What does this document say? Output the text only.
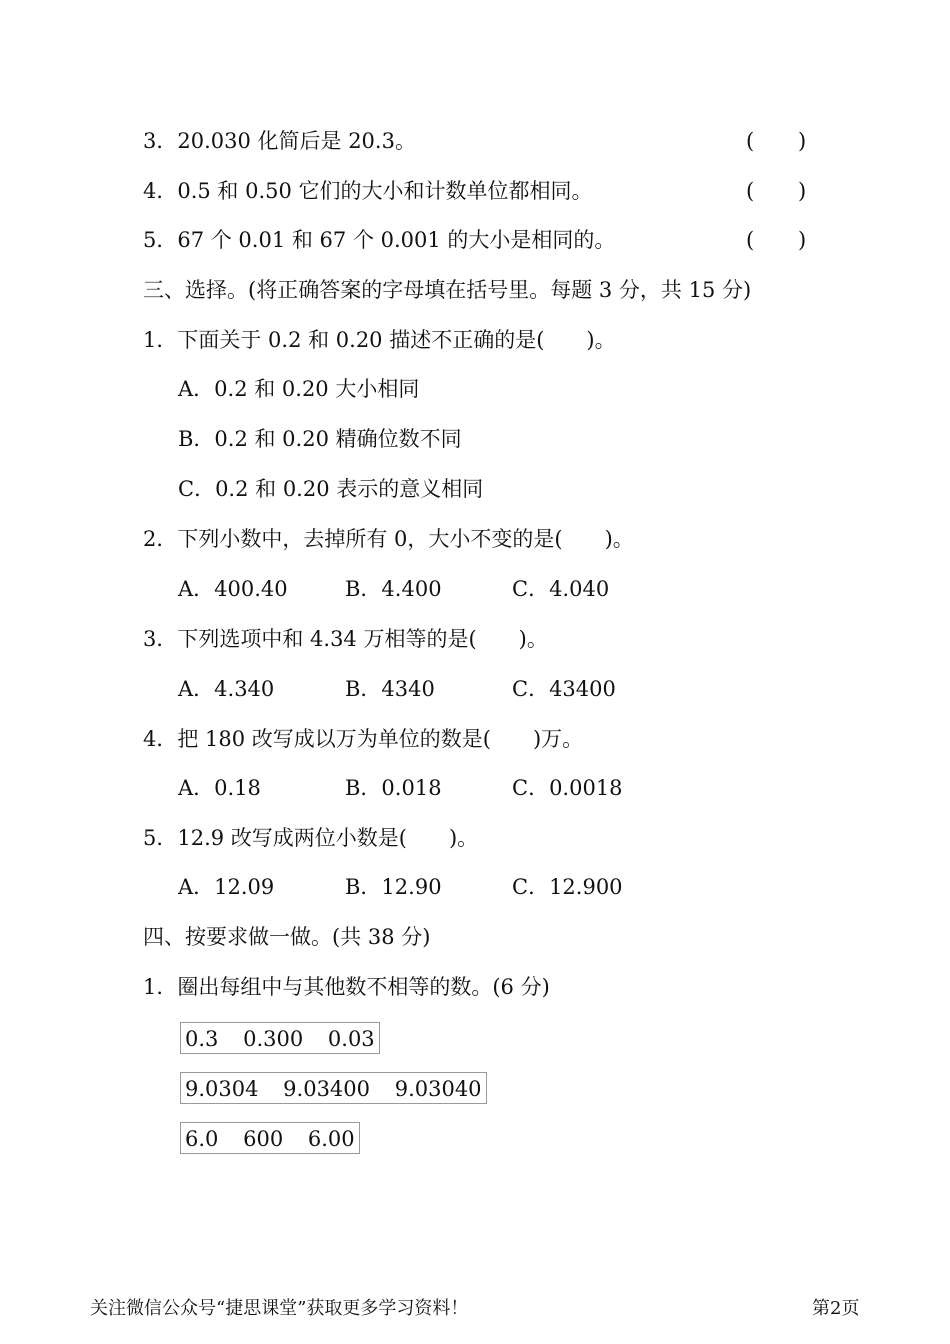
3．20.030 化简后是 20.3。	( )
4．0.5 和 0.50 它们的大小和计数单位都相同。	( )
5．67 个 0.01 和 67 个 0.001 的大小是相同的。	( )
三、选择。(将正确答案的字母填在括号里。每题 3 分，共 15 分)
1．下面关于 0.2 和 0.20 描述不正确的是(　　)。
A．0.2 和 0.20 大小相同
B．0.2 和 0.20 精确位数不同
C．0.2 和 0.20 表示的意义相同
2．下列小数中，去掉所有 0，大小不变的是(　　)。
A．400.40	B．4.400	C．4.040
3．下列选项中和 4.34 万相等的是(　　)。
A．4.340	B．4340	C．43400
4．把 180 改写成以万为单位的数是(　　)万。
A．0.18	B．0.018	C．0.0018
5．12.9 改写成两位小数是(　　)。
A．12.09	B．12.90	C．12.900
四、按要求做一做。(共 38 分)
1．圈出每组中与其他数不相等的数。(6 分)
0.3 0.300 0.03
9.0304 9.03400 9.03040
6.0 600 6.00
关注微信公众号“捷思课堂”获取更多学习资料！	第2页
